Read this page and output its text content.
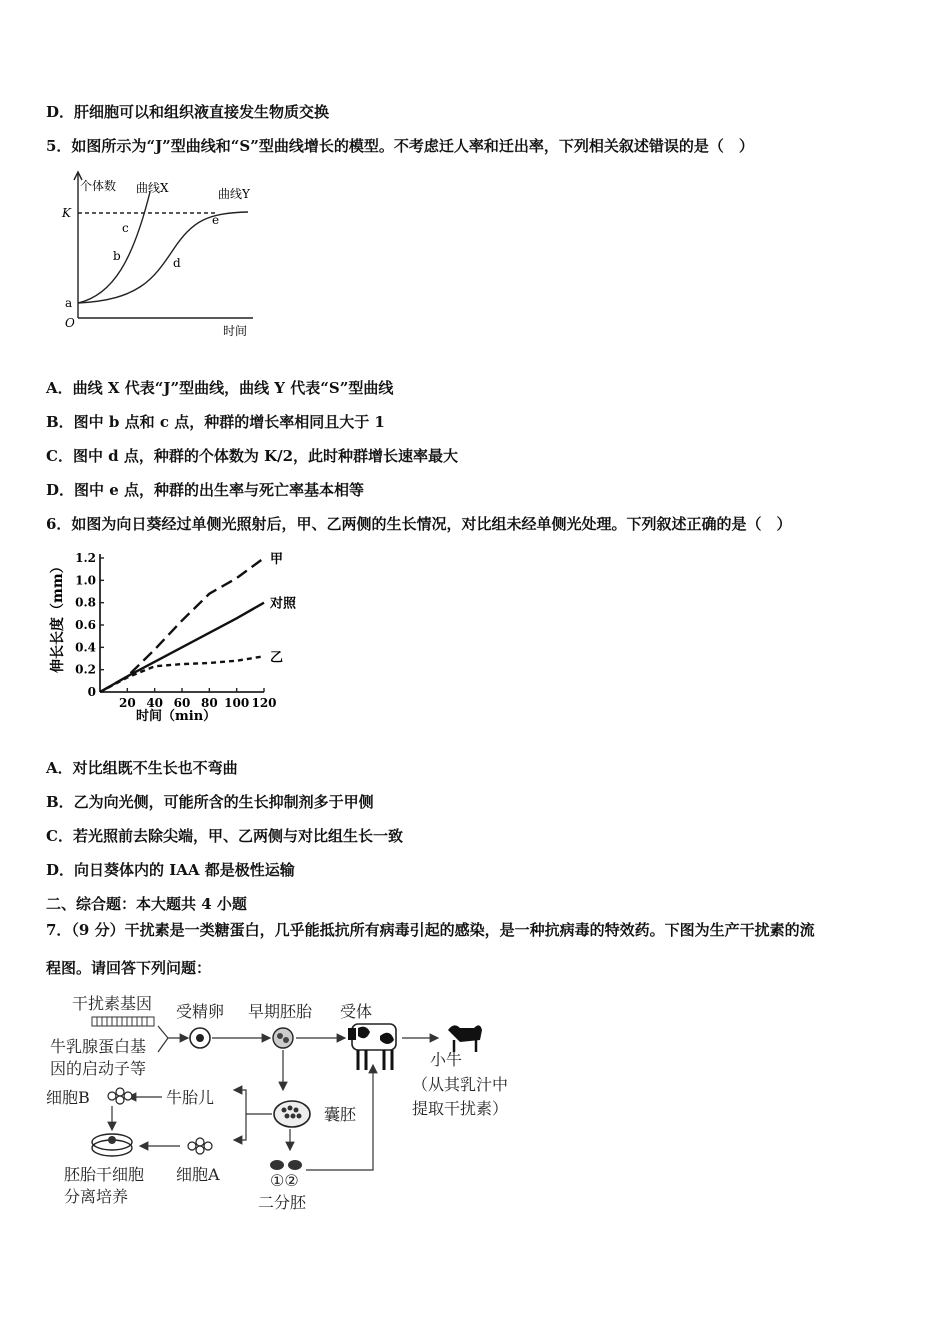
D．肝细胞可以和组织液直接发生物质交换
5．如图所示为“J”型曲线和“S”型曲线增长的模型。不考虑迁人率和迁出率，下列相关叙述错误的是（　）
个体数 曲线X	曲线Y
K
O
a
b
c
d
e
时间
A．曲线 X 代表“J”型曲线，曲线 Y 代表“S”型曲线
B．图中 b 点和 c 点，种群的增长率相同且大于 1
C．图中 d 点，种群的个体数为 K/2，此时种群增长速率最大
D．图中 e 点，种群的出生率与死亡率基本相等
6．如图为向日葵经过单侧光照射后，甲、乙两侧的生长情况，对比组未经单侧光处理。下列叙述正确的是（　）
0
0.2
0.4
0.6
0.8
1.0
1.2
20 40 60 80 100 120
甲
对照
乙
伸长长度（mm）
时间（min）
A．对比组既不生长也不弯曲
B．乙为向光侧，可能所含的生长抑制剂多于甲侧
C．若光照前去除尖端，甲、乙两侧与对比组生长一致
D．向日葵体内的 IAA 都是极性运输
二、综合题：本大题共 4 小题
7．（9 分）干扰素是一类糖蛋白，几乎能抵抗所有病毒引起的感染，是一种抗病毒的特效药。下图为生产干扰素的流
程图。请回答下列问题：
干扰素基因
牛乳腺蛋白基
因的启动子等
受精卵 早期胚胎 受体
小牛
（从其乳汁中
提取干扰素）
囊胚
①②
二分胚
牛胎儿
细胞B
细胞A
胚胎干细胞
分离培养
